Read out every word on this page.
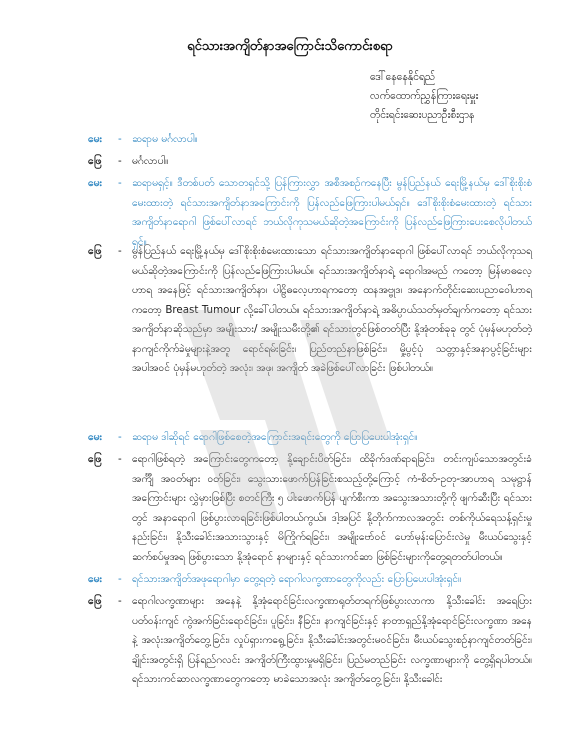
ရင်သားအကျိတ်နာအကြောင်းသိကောင်းစရာ
ဒေါ်နေနေနိုင်ရည်
လက်ထောက်ညွှန်ကြားရေးမှူး
တိုင်းရင်းဆေးပညာဦးစီးဌာန
မေး	- ဆရာမ မင်္ဂလာပါ။
ဖြေ	- မင်္ဂလာပါ။
မေး	- ဆရာမရှင့်။ ဒီတစ်ပတ် သောတရှင်သို့ ပြန်ကြားလွှာ အစီအစဉ်ကနေပြီး မွန်ပြည်နယ် ရေးမြို့နယ်မှ ဒေါ်စိုးစိုးစံမေးထားတဲ့ ရင်သားအကျိတ်နာအကြောင်းကို ပြန်လည်ဖြေကြားပါမယ်ရှင်။ ဒေါ်စိုးစိုးစံမေးထားတဲ့ ရင်သားအကျိတ်နာရောဂါ ဖြစ်ပေါ်လာရင် ဘယ်လိုကုသမယ်ဆိုတဲ့အကြောင်းကို ပြန်လည်ဖြေကြားပေးစေလိုပါတယ်ရှင်။
ဖြေ	- မွန်ပြည်နယ် ရေးမြို့နယ်မှ ဒေါ်စိုးစိုးစံမေးထားသော ရင်သားအကျိတ်နာရောဂါ ဖြစ်ပေါ်လာရင် ဘယ်လိုကုသရမယ်ဆိုတဲ့အကြောင်းကို ပြန်လည်ဖြေကြားပါမယ်။ ရင်သားအကျိတ်နာရဲ့ ရောဂါအမည် ကတော့ မြန်မာဓလေ့ဟာရ အနေဖြင့် ရင်သားအကျိတ်နာ၊ ပါဠိဓလေ့ဟာရကတော့ ထနအဗ္ဗုဒ၊ အနောက်တိုင်းဆေးပညာဝေါဟာရကတော့ Breast Tumour လို့ခေါ်ပါတယ်။ ရင်သားအကျိတ်နာရဲ့ အဓိပ္ပာယ်သတ်မှတ်ချက်ကတော့ ရင်သား အကျိတ်နာဆိုသည်မှာ အမျိုးသား/ အမျိုးသမီးတို့၏ ရင်သားတွင်ဖြစ်တတ်ပြီး နို့အုံတစ်ခုခု တွင် ပုံမှန်မဟုတ်တဲ့ နာကျင်ကိုက်ခဲမှုများနဲ့အတူ ရောင်ရမ်းခြင်း၊ ပြည်တည်နာဖြစ်ခြင်း၊ မှို့ပွင့်ပုံ သတ္တာနှင့်အနာပွင့်ခြင်းများ အပါအဝင် ပုံမှန်မဟုတ်တဲ့ အလုံး၊ အဖု၊ အကျိတ် အခဲဖြစ်ပေါ်လာခြင်း ဖြစ်ပါတယ်။
မေး	- ဆရာမ ဒါဆိုရင် ရောဂါဖြစ်စေတဲ့အကြောင်းအရင်းတွေကို ပြောပြပေးပါအုံးရှင်။
ဖြေ	- ရောဂါဖြစ်ရတဲ့ အကြောင်းတွေကတော့ နို့ချောင်းပိတ်ခြင်း၊ ထိခိုက်ဒဏ်ရာရခြင်း၊ တင်းကျပ်သောအတွင်းခံအင်္ကျီ အဝတ်များ ဝတ်ခြင်း၊ သွေးသားဖောက်ပြန်ခြင်းစသည့်တို့ကြောင့် ကံ-စိတ်-ဥတု-အာဟာရ သမုဋ္ဌာန်အကြောင်းများ လွှဲမှားဖြစ်ပြီး စတင်ကြီး ၅ ပါးဖောက်ပြန် ပျက်စီးကာ အသွေးအသားတို့ကို ဖျက်ဆီးပြီး ရင်သားတွင် အနာရောဂါ ဖြစ်ပွားလာရခြင်းဖြစ်ပါတယ်ကွယ်။ ဒါ့အပြင် နို့တိုက်ကာလအတွင်း တစ်ကိုယ်ရေသန့်ရှင်းမှုနည်းခြင်း၊ နို့သီးခေါင်းအသားသွားနှင့် မိကြိုက်ရခြင်း၊ အမျိုးဗော်ဝင် ဟော်မုန်းပြောင်းလဲမှု မီးယပ်သွေးနှင့် ဆက်စပ်မှုအရ ဖြစ်ပွားသော နို့အုံရောင် နာများနှင့် ရင်သားကင်ဆာ ဖြစ်ခြင်းများကိုတွေ့ရတတ်ပါတယ်။
မေး	- ရင်သားအကျိတ်အဖုရောဂါမှာ တွေ့ရတဲ့ ရောဂါလက္ခဏာတွေကိုလည်း ပြောပြပေးပါအုံးရှင်။
ဖြေ	- ရောဂါလက္ခဏာများ အနေနဲ့ နို့အုံရောင်ခြင်းလက္ခဏာရုတ်တရက်ဖြစ်ပွားလာကာ နို့သီးခေါင်း အရေပြားပတ်ဝန်းကျင် ကွဲအက်ခြင်းရောင်ခြင်း၊ ပူခြင်း၊ နီခြင်း၊ နာကျင်ခြင်းနှင့် နာတာရှည်နို့အုံရောင်ခြင်းလက္ခဏာ အနေနဲ့ အလုံးအကျိတ်တွေ့ခြင်း၊ လှုပ်ရှားကရွေ့ခြင်း၊ နို့သီးခေါင်းအတွင်းမဝင်ခြင်း၊ မီးယပ်သွေးစဉ်နာကျင်တတ်ခြင်း၊ ချိုင်းအတွင်းရှိ ပြန်ရည်ဂလင်း အကျိတ်ကြီးထွားမှုမရှိခြင်း၊ ပြည်မတည်ခြင်း လက္ခဏာများကို တွေ့ရှိရပါတယ်။ ရင်သားကင်ဆာလက္ခဏာတွေကတော့ မာခဲသောအလုံး အကျိတ်တွေ့ခြင်း၊ နို့သီးခေါင်း
